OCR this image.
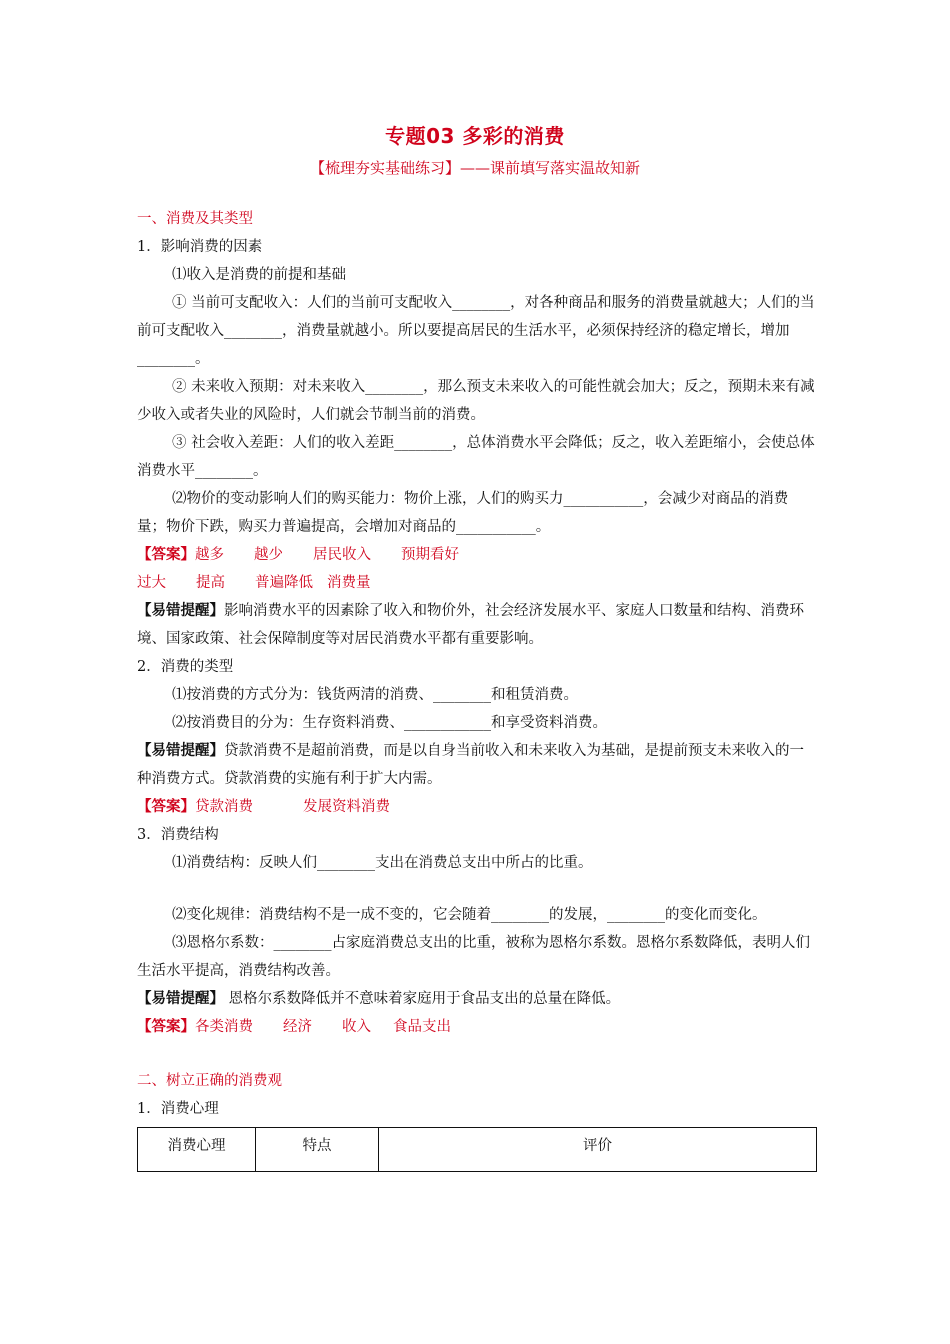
专题03 多彩的消费
【梳理夯实基础练习】——课前填写落实温故知新

一、消费及其类型

1．影响消费的因素

⑴收入是消费的前提和基础

① 当前可支配收入：人们的当前可支配收入________，对各种商品和服务的消费量就越大；人们的当前可支配收入________，消费量就越小。所以要提高居民的生活水平，必须保持经济的稳定增长，增加________。

② 未来收入预期：对未来收入________，那么预支未来收入的可能性就会加大；反之，预期未来有减少收入或者失业的风险时，人们就会节制当前的消费。

③ 社会收入差距：人们的收入差距________，总体消费水平会降低；反之，收入差距缩小，会使总体消费水平________。

⑵物价的变动影响人们的购买能力：物价上涨，人们的购买力___________，会减少对商品的消费量；物价下跌，购买力普遍提高，会增加对商品的___________。

【答案】越多 越少 居民收入 预期看好

过大 提高 普遍降低 消费量

【易错提醒】影响消费水平的因素除了收入和物价外，社会经济发展水平、家庭人口数量和结构、消费环境、国家政策、社会保障制度等对居民消费水平都有重要影响。

2．消费的类型

⑴按消费的方式分为：钱货两清的消费、________和租赁消费。

⑵按消费目的分为：生存资料消费、____________和享受资料消费。

【易错提醒】贷款消费不是超前消费，而是以自身当前收入和未来收入为基础，是提前预支未来收入的一种消费方式。贷款消费的实施有利于扩大内需。

【答案】贷款消费	发展资料消费

3．消费结构

⑴消费结构：反映人们________支出在消费总支出中所占的比重。

⑵变化规律：消费结构不是一成不变的，它会随着________的发展，________的变化而变化。

⑶恩格尔系数：________占家庭消费总支出的比重，被称为恩格尔系数。恩格尔系数降低，表明人们生活水平提高，消费结构改善。

【易错提醒】 恩格尔系数降低并不意味着家庭用于食品支出的总量在降低。

【答案】各类消费 经济 收入 食品支出

二、树立正确的消费观

1．消费心理

消费心理	特点	评价
